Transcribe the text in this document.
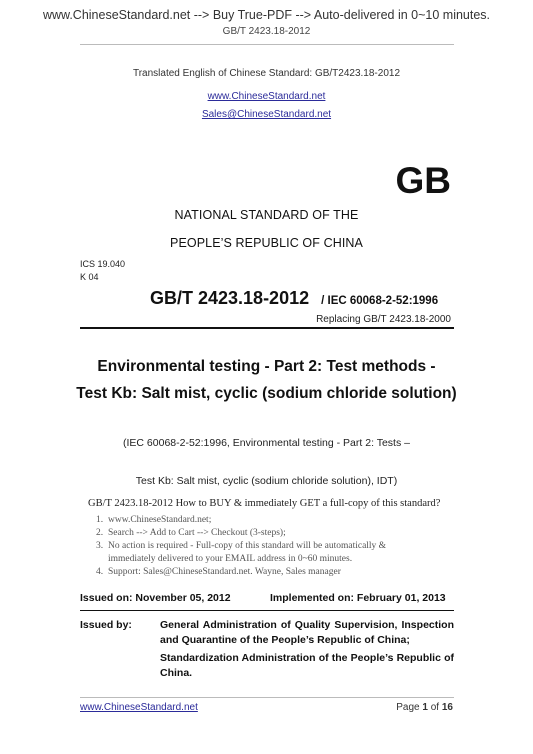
www.ChineseStandard.net --> Buy True-PDF --> Auto-delivered in 0~10 minutes.
GB/T 2423.18-2012
Translated English of Chinese Standard: GB/T2423.18-2012
www.ChineseStandard.net
Sales@ChineseStandard.net
GB
NATIONAL STANDARD OF THE
PEOPLE’S REPUBLIC OF CHINA
ICS 19.040
K 04
GB/T 2423.18-2012 / IEC 60068-2-52:1996
Replacing GB/T 2423.18-2000
Environmental testing - Part 2: Test methods -
Test Kb: Salt mist, cyclic (sodium chloride solution)
(IEC 60068-2-52:1996, Environmental testing - Part 2: Tests –
Test Kb: Salt mist, cyclic (sodium chloride solution), IDT)
GB/T 2423.18-2012 How to BUY & immediately GET a full-copy of this standard?
1. www.ChineseStandard.net;
2. Search --> Add to Cart --> Checkout (3-steps);
3. No action is required - Full-copy of this standard will be automatically &
immediately delivered to your EMAIL address in 0~60 minutes.
4. Support: Sales@ChineseStandard.net. Wayne, Sales manager
Issued on: November 05, 2012	Implemented on: February 01, 2013
Issued by:	General Administration of Quality Supervision, Inspection and Quarantine of the People’s Republic of China;
Standardization Administration of the People’s Republic of China.
www.ChineseStandard.net	Page 1 of 16
